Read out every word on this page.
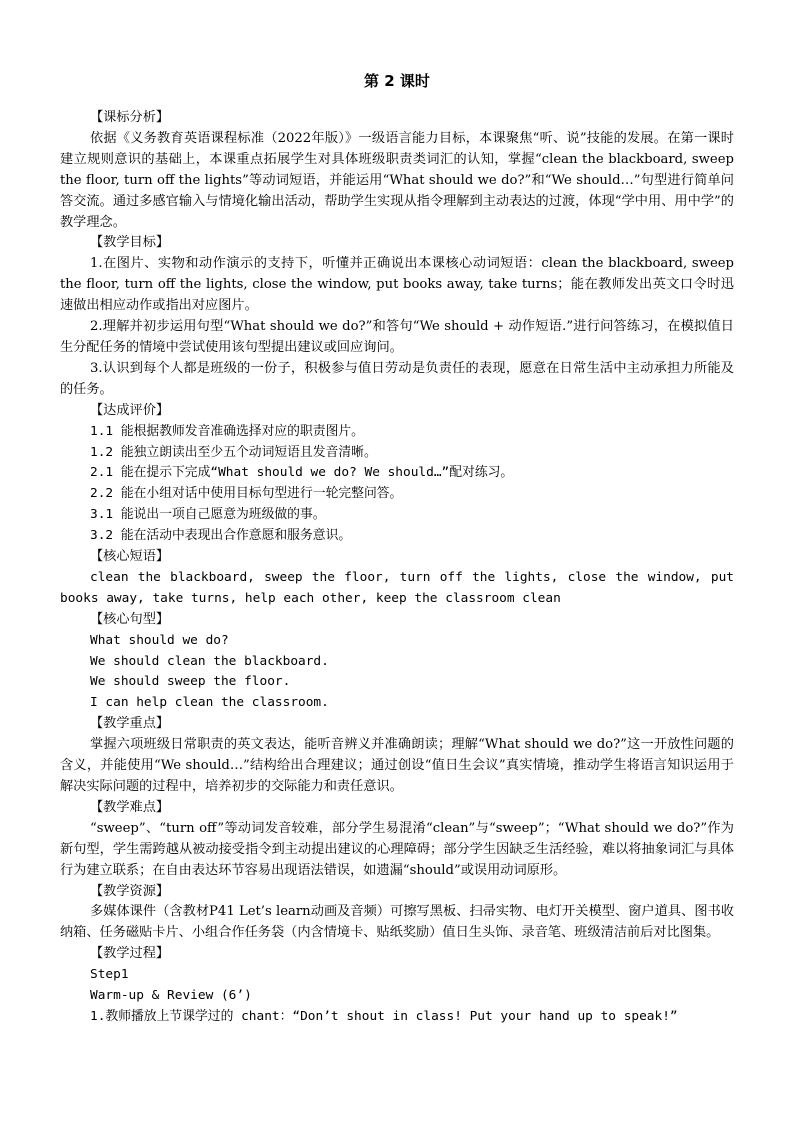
第 2 课时
【课标分析】
依据《义务教育英语课程标准（2022年版）》一级语言能力目标，本课聚焦“听、说”技能的发展。在第一课时建立规则意识的基础上，本课重点拓展学生对具体班级职责类词汇的认知，掌握“clean the blackboard, sweep the floor, turn off the lights”等动词短语，并能运用“What should we do?”和“We should…”句型进行简单问答交流。通过多感官输入与情境化输出活动，帮助学生实现从指令理解到主动表达的过渡，体现“学中用、用中学”的教学理念。
【教学目标】
1.在图片、实物和动作演示的支持下，听懂并正确说出本课核心动词短语：clean the blackboard, sweep the floor, turn off the lights, close the window, put books away, take turns；能在教师发出英文口令时迅速做出相应动作或指出对应图片。
2.理解并初步运用句型“What should we do?”和答句“We should + 动作短语.”进行问答练习，在模拟值日生分配任务的情境中尝试使用该句型提出建议或回应询问。
3.认识到每个人都是班级的一份子，积极参与值日劳动是负责任的表现，愿意在日常生活中主动承担力所能及的任务。
【达成评价】
1.1 能根据教师发音准确选择对应的职责图片。
1.2 能独立朗读出至少五个动词短语且发音清晰。
2.1 能在提示下完成“What should we do? We should…”配对练习。
2.2 能在小组对话中使用目标句型进行一轮完整问答。
3.1 能说出一项自己愿意为班级做的事。
3.2 能在活动中表现出合作意愿和服务意识。
【核心短语】
clean the blackboard, sweep the floor, turn off the lights, close the window, put books away, take turns, help each other, keep the classroom clean
【核心句型】
What should we do?
We should clean the blackboard.
We should sweep the floor.
I can help clean the classroom.
【教学重点】
掌握六项班级日常职责的英文表达，能听音辨义并准确朗读；理解“What should we do?”这一开放性问题的含义，并能使用“We should…”结构给出合理建议；通过创设“值日生会议”真实情境，推动学生将语言知识运用于解决实际问题的过程中，培养初步的交际能力和责任意识。
【教学难点】
“sweep”、“turn off”等动词发音较难，部分学生易混淆“clean”与“sweep”；“What should we do?”作为新句型，学生需跨越从被动接受指令到主动提出建议的心理障碍；部分学生因缺乏生活经验，难以将抽象词汇与具体行为建立联系；在自由表达环节容易出现语法错误，如遗漏“should”或误用动词原形。
【教学资源】
多媒体课件（含教材P41 Let’s learn动画及音频）可擦写黑板、扫帚实物、电灯开关模型、窗户道具、图书收纳箱、任务磁贴卡片、小组合作任务袋（内含情境卡、贴纸奖励）值日生头饰、录音笔、班级清洁前后对比图集。
【教学过程】
Step1
Warm-up & Review (6’)
1.教师播放上节课学过的 chant：“Don’t shout in class! Put your hand up to speak!”
